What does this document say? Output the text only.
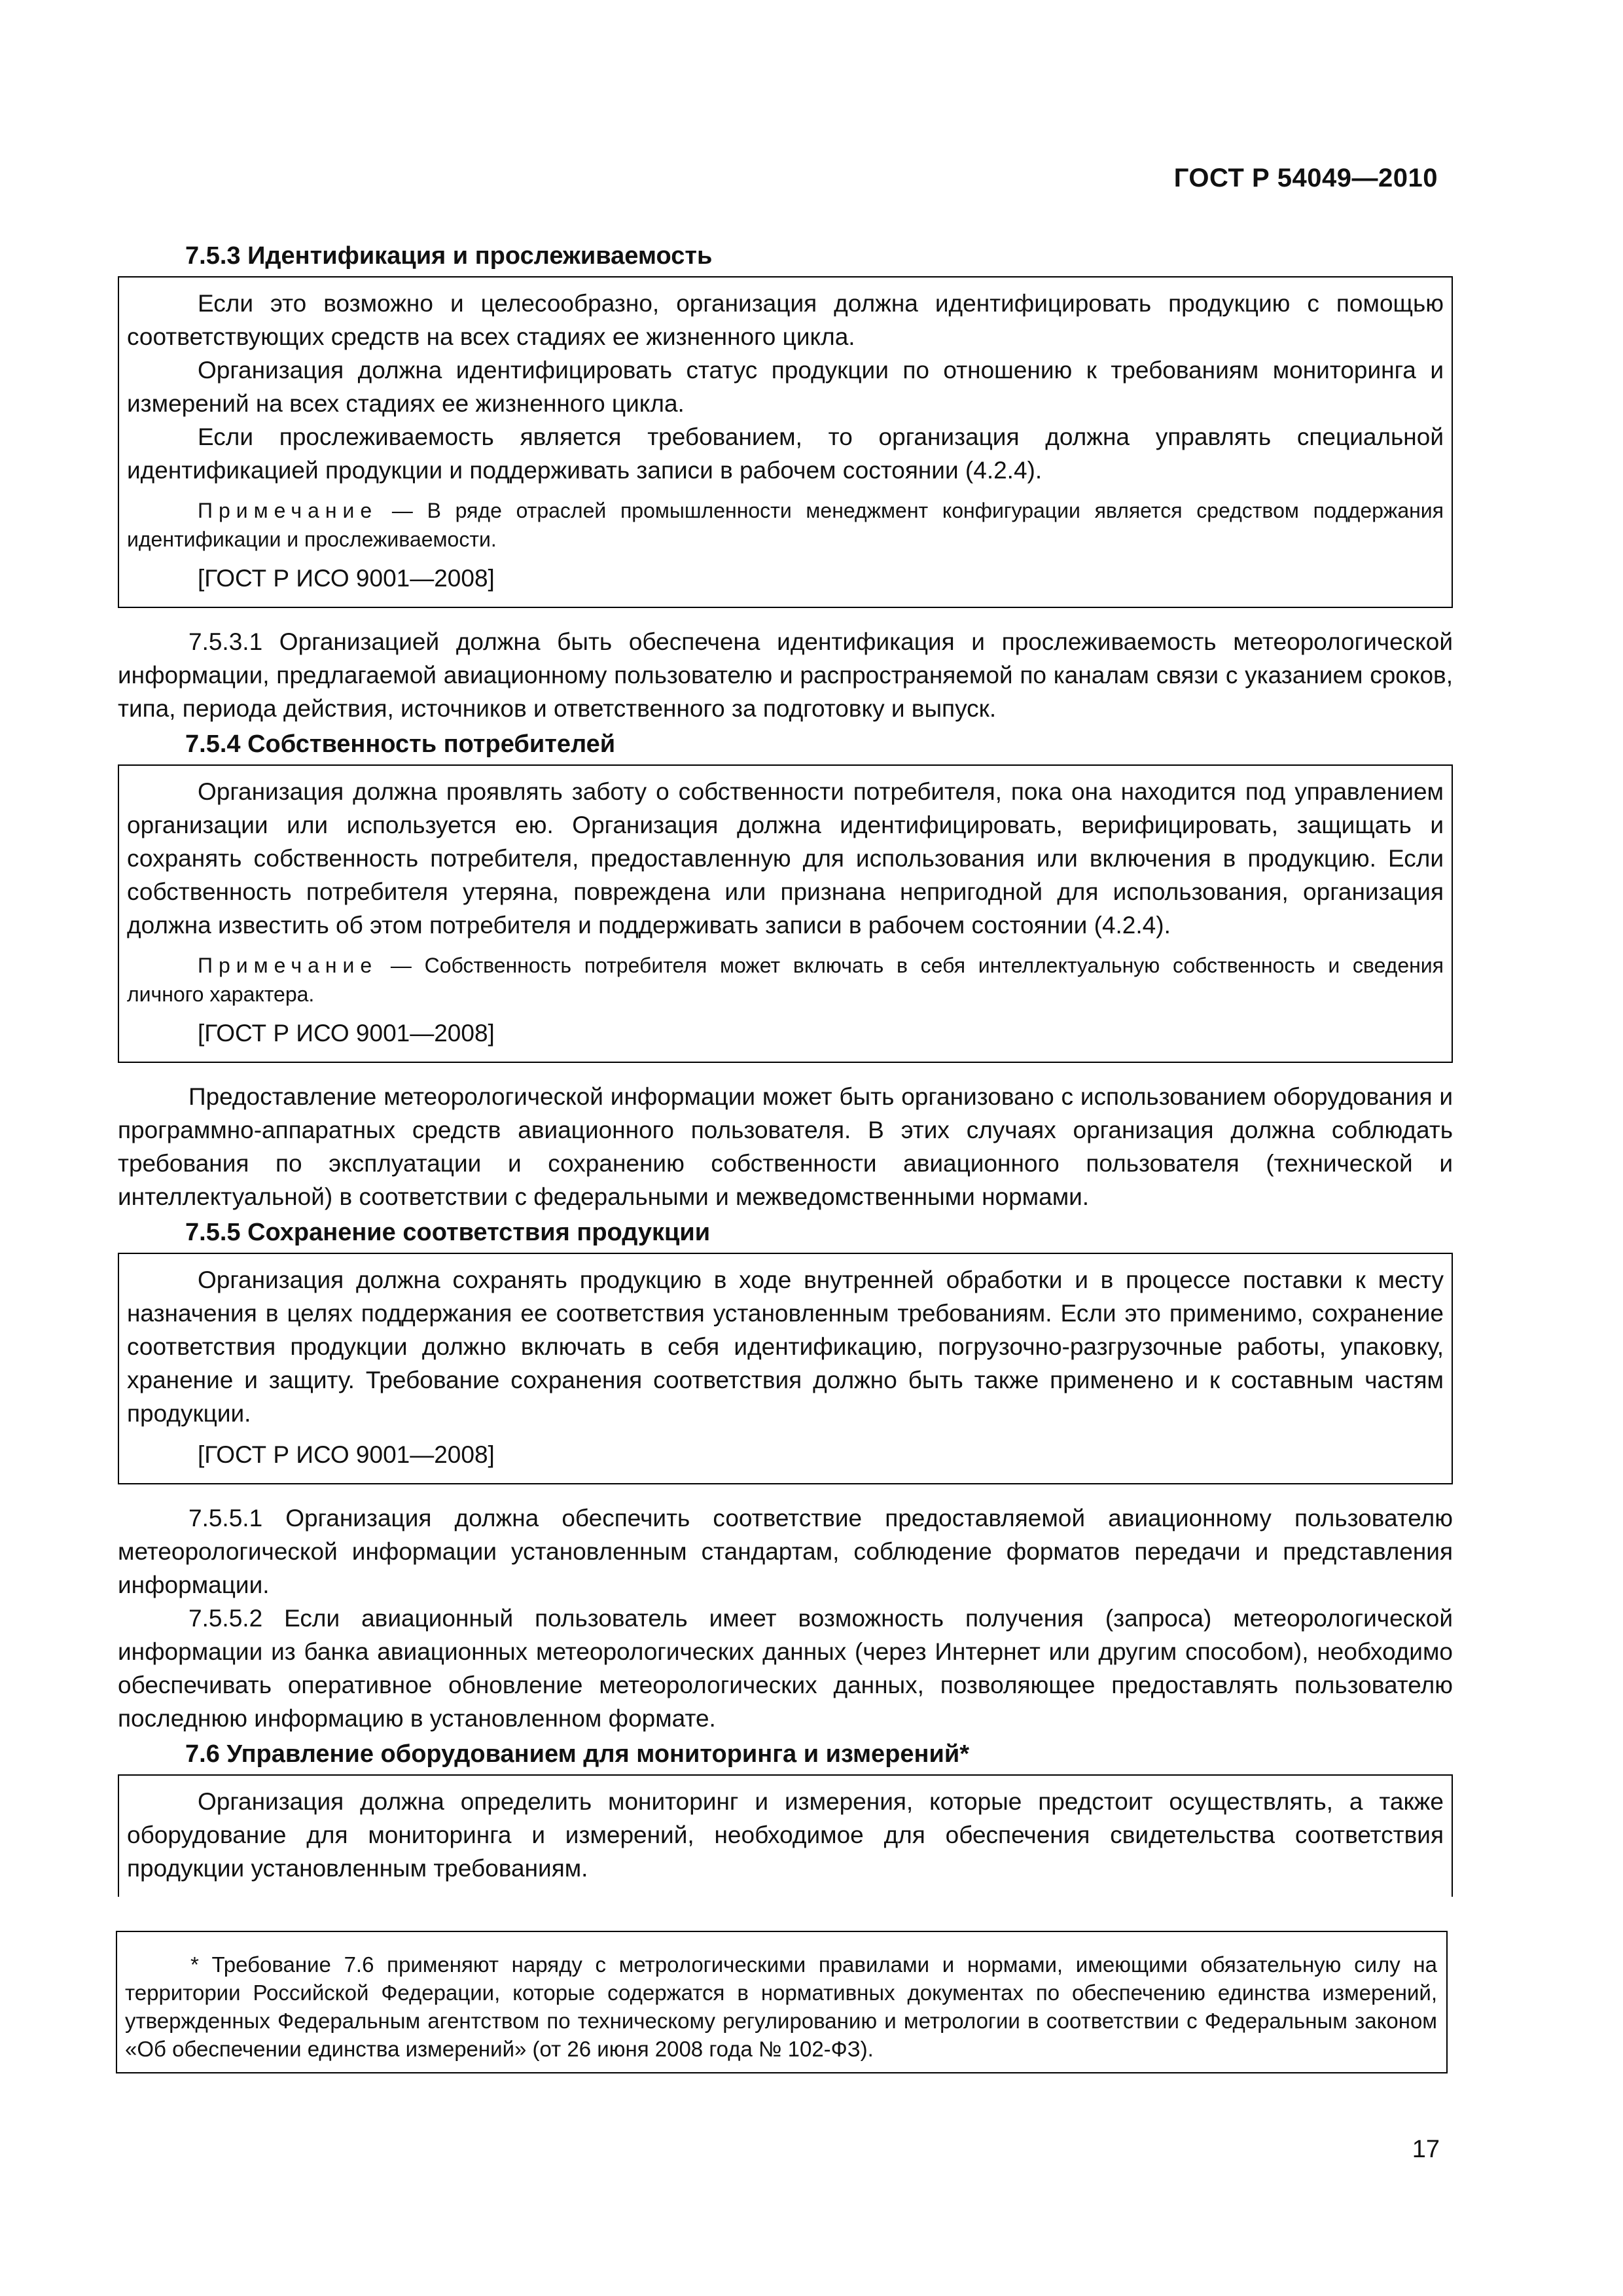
ГОСТ Р 54049—2010
7.5.3 Идентификация и прослеживаемость

Если это возможно и целесообразно, организация должна идентифицировать продукцию с помощью соответствующих средств на всех стадиях ее жизненного цикла.

Организация должна идентифицировать статус продукции по отношению к требованиям мониторинга и измерений на всех стадиях ее жизненного цикла.

Если прослеживаемость является требованием, то организация должна управлять специальной идентификацией продукции и поддерживать записи в рабочем состоянии (4.2.4).

Примечание — В ряде отраслей промышленности менеджмент конфигурации является средством поддержания идентификации и прослеживаемости.

[ГОСТ Р ИСО 9001—2008]

7.5.3.1 Организацией должна быть обеспечена идентификация и прослеживаемость метеорологической информации, предлагаемой авиационному пользователю и распространяемой по каналам связи с указанием сроков, типа, периода действия, источников и ответственного за подготовку и выпуск.

7.5.4 Собственность потребителей

Организация должна проявлять заботу о собственности потребителя, пока она находится под управлением организации или используется ею. Организация должна идентифицировать, верифицировать, защищать и сохранять собственность потребителя, предоставленную для использования или включения в продукцию. Если собственность потребителя утеряна, повреждена или признана непригодной для использования, организация должна известить об этом потребителя и поддерживать записи в рабочем состоянии (4.2.4).

Примечание — Собственность потребителя может включать в себя интеллектуальную собственность и сведения личного характера.

[ГОСТ Р ИСО 9001—2008]

Предоставление метеорологической информации может быть организовано с использованием оборудования и программно-аппаратных средств авиационного пользователя. В этих случаях организация должна соблюдать требования по эксплуатации и сохранению собственности авиационного пользователя (технической и интеллектуальной) в соответствии с федеральными и межведомственными нормами.

7.5.5 Сохранение соответствия продукции

Организация должна сохранять продукцию в ходе внутренней обработки и в процессе поставки к месту назначения в целях поддержания ее соответствия установленным требованиям. Если это применимо, сохранение соответствия продукции должно включать в себя идентификацию, погрузочно-разгрузочные работы, упаковку, хранение и защиту. Требование сохранения соответствия должно быть также применено и к составным частям продукции.

[ГОСТ Р ИСО 9001—2008]

7.5.5.1 Организация должна обеспечить соответствие предоставляемой авиационному пользователю метеорологической информации установленным стандартам, соблюдение форматов передачи и представления информации.

7.5.5.2 Если авиационный пользователь имеет возможность получения (запроса) метеорологической информации из банка авиационных метеорологических данных (через Интернет или другим способом), необходимо обеспечивать оперативное обновление метеорологических данных, позволяющее предоставлять пользователю последнюю информацию в установленном формате.

7.6 Управление оборудованием для мониторинга и измерений*

Организация должна определить мониторинг и измерения, которые предстоит осуществлять, а также оборудование для мониторинга и измерений, необходимое для обеспечения свидетельства соответствия продукции установленным требованиям.

* Требование 7.6 применяют наряду с метрологическими правилами и нормами, имеющими обязательную силу на территории Российской Федерации, которые содержатся в нормативных документах по обеспечению единства измерений, утвержденных Федеральным агентством по техническому регулированию и метрологии в соответствии с Федеральным законом «Об обеспечении единства измерений» (от 26 июня 2008 года № 102-ФЗ).

17
